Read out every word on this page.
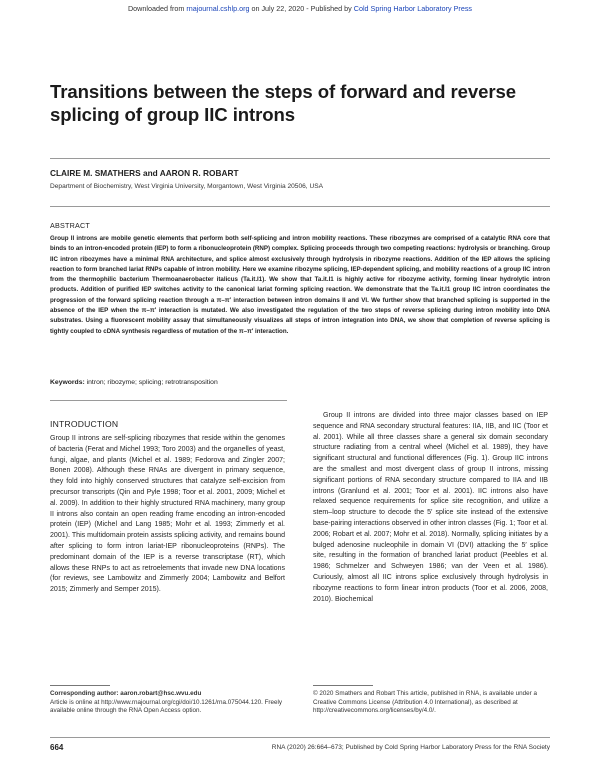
Downloaded from rnajournal.cshlp.org on July 22, 2020 - Published by Cold Spring Harbor Laboratory Press
Transitions between the steps of forward and reverse splicing of group IIC introns
CLAIRE M. SMATHERS and AARON R. ROBART
Department of Biochemistry, West Virginia University, Morgantown, West Virginia 20506, USA
ABSTRACT

Group II introns are mobile genetic elements that perform both self-splicing and intron mobility reactions. These ribozymes are comprised of a catalytic RNA core that binds to an intron-encoded protein (IEP) to form a ribonucleoprotein (RNP) complex. Splicing proceeds through two competing reactions: hydrolysis or branching. Group IIC intron ribozymes have a minimal RNA architecture, and splice almost exclusively through hydrolysis in ribozyme reactions. Addition of the IEP allows the splicing reaction to form branched lariat RNPs capable of intron mobility. Here we examine ribozyme splicing, IEP-dependent splicing, and mobility reactions of a group IIC intron from the thermophilic bacterium Thermoanaerobacter italicus (Ta.it.I1). We show that Ta.it.I1 is highly active for ribozyme activity, forming linear hydrolytic intron products. Addition of purified IEP switches activity to the canonical lariat forming splicing reaction. We demonstrate that the Ta.it.I1 group IIC intron coordinates the progression of the forward splicing reaction through a π–π′ interaction between intron domains II and VI. We further show that branched splicing is supported in the absence of the IEP when the π–π′ interaction is mutated. We also investigated the regulation of the two steps of reverse splicing during intron mobility into DNA substrates. Using a fluorescent mobility assay that simultaneously visualizes all steps of intron integration into DNA, we show that completion of reverse splicing is tightly coupled to cDNA synthesis regardless of mutation of the π–π′ interaction.

Keywords: intron; ribozyme; splicing; retrotransposition
INTRODUCTION

Group II introns are self-splicing ribozymes that reside within the genomes of bacteria (Ferat and Michel 1993; Toro 2003) and the organelles of yeast, fungi, algae, and plants (Michel et al. 1989; Fedorova and Zingler 2007; Bonen 2008). Although these RNAs are divergent in primary sequence, they fold into highly conserved structures that catalyze self-excision from precursor transcripts (Qin and Pyle 1998; Toor et al. 2001, 2009; Michel et al. 2009). In addition to their highly structured RNA machinery, many group II introns also contain an open reading frame encoding an intron-encoded protein (IEP) (Michel and Lang 1985; Mohr et al. 1993; Zimmerly et al. 2001). This multidomain protein assists splicing activity, and remains bound after splicing to form intron lariat-IEP ribonucleoproteins (RNPs). The predominant domain of the IEP is a reverse transcriptase (RT), which allows these RNPs to act as retroelements that invade new DNA locations (for reviews, see Lambowitz and Zimmerly 2004; Lambowitz and Belfort 2015; Zimmerly and Semper 2015).

Group II introns are divided into three major classes based on IEP sequence and RNA secondary structural features: IIA, IIB, and IIC (Toor et al. 2001). While all three classes share a general six domain secondary structure radiating from a central wheel (Michel et al. 1989), they have significant structural and functional differences (Fig. 1). Group IIC introns are the smallest and most divergent class of group II introns, missing significant portions of RNA secondary structure compared to IIA and IIB introns (Granlund et al. 2001; Toor et al. 2001). IIC introns also have relaxed sequence requirements for splice site recognition, and utilize a stem–loop structure to decode the 5′ splice site instead of the extensive base-pairing interactions observed in other intron classes (Fig. 1; Toor et al. 2006; Robart et al. 2007; Mohr et al. 2018). Normally, splicing initiates by a bulged adenosine nucleophile in domain VI (DVI) attacking the 5′ splice site, resulting in the formation of branched lariat product (Peebles et al. 1986; Schmelzer and Schweyen 1986; van der Veen et al. 1986). Curiously, almost all IIC introns splice exclusively through hydrolysis in ribozyme reactions to form linear intron products (Toor et al. 2006, 2008, 2010). Biochemical

Corresponding author: aaron.robart@hsc.wvu.edu
Article is online at http://www.rnajournal.org/cgi/doi/10.1261/rna.075044.120. Freely available online through the RNA Open Access option.
© 2020 Smathers and Robart This article, published in RNA, is available under a Creative Commons License (Attribution 4.0 International), as described at http://creativecommons.org/licenses/by/4.0/.
664	RNA (2020) 26:664–673; Published by Cold Spring Harbor Laboratory Press for the RNA Society
